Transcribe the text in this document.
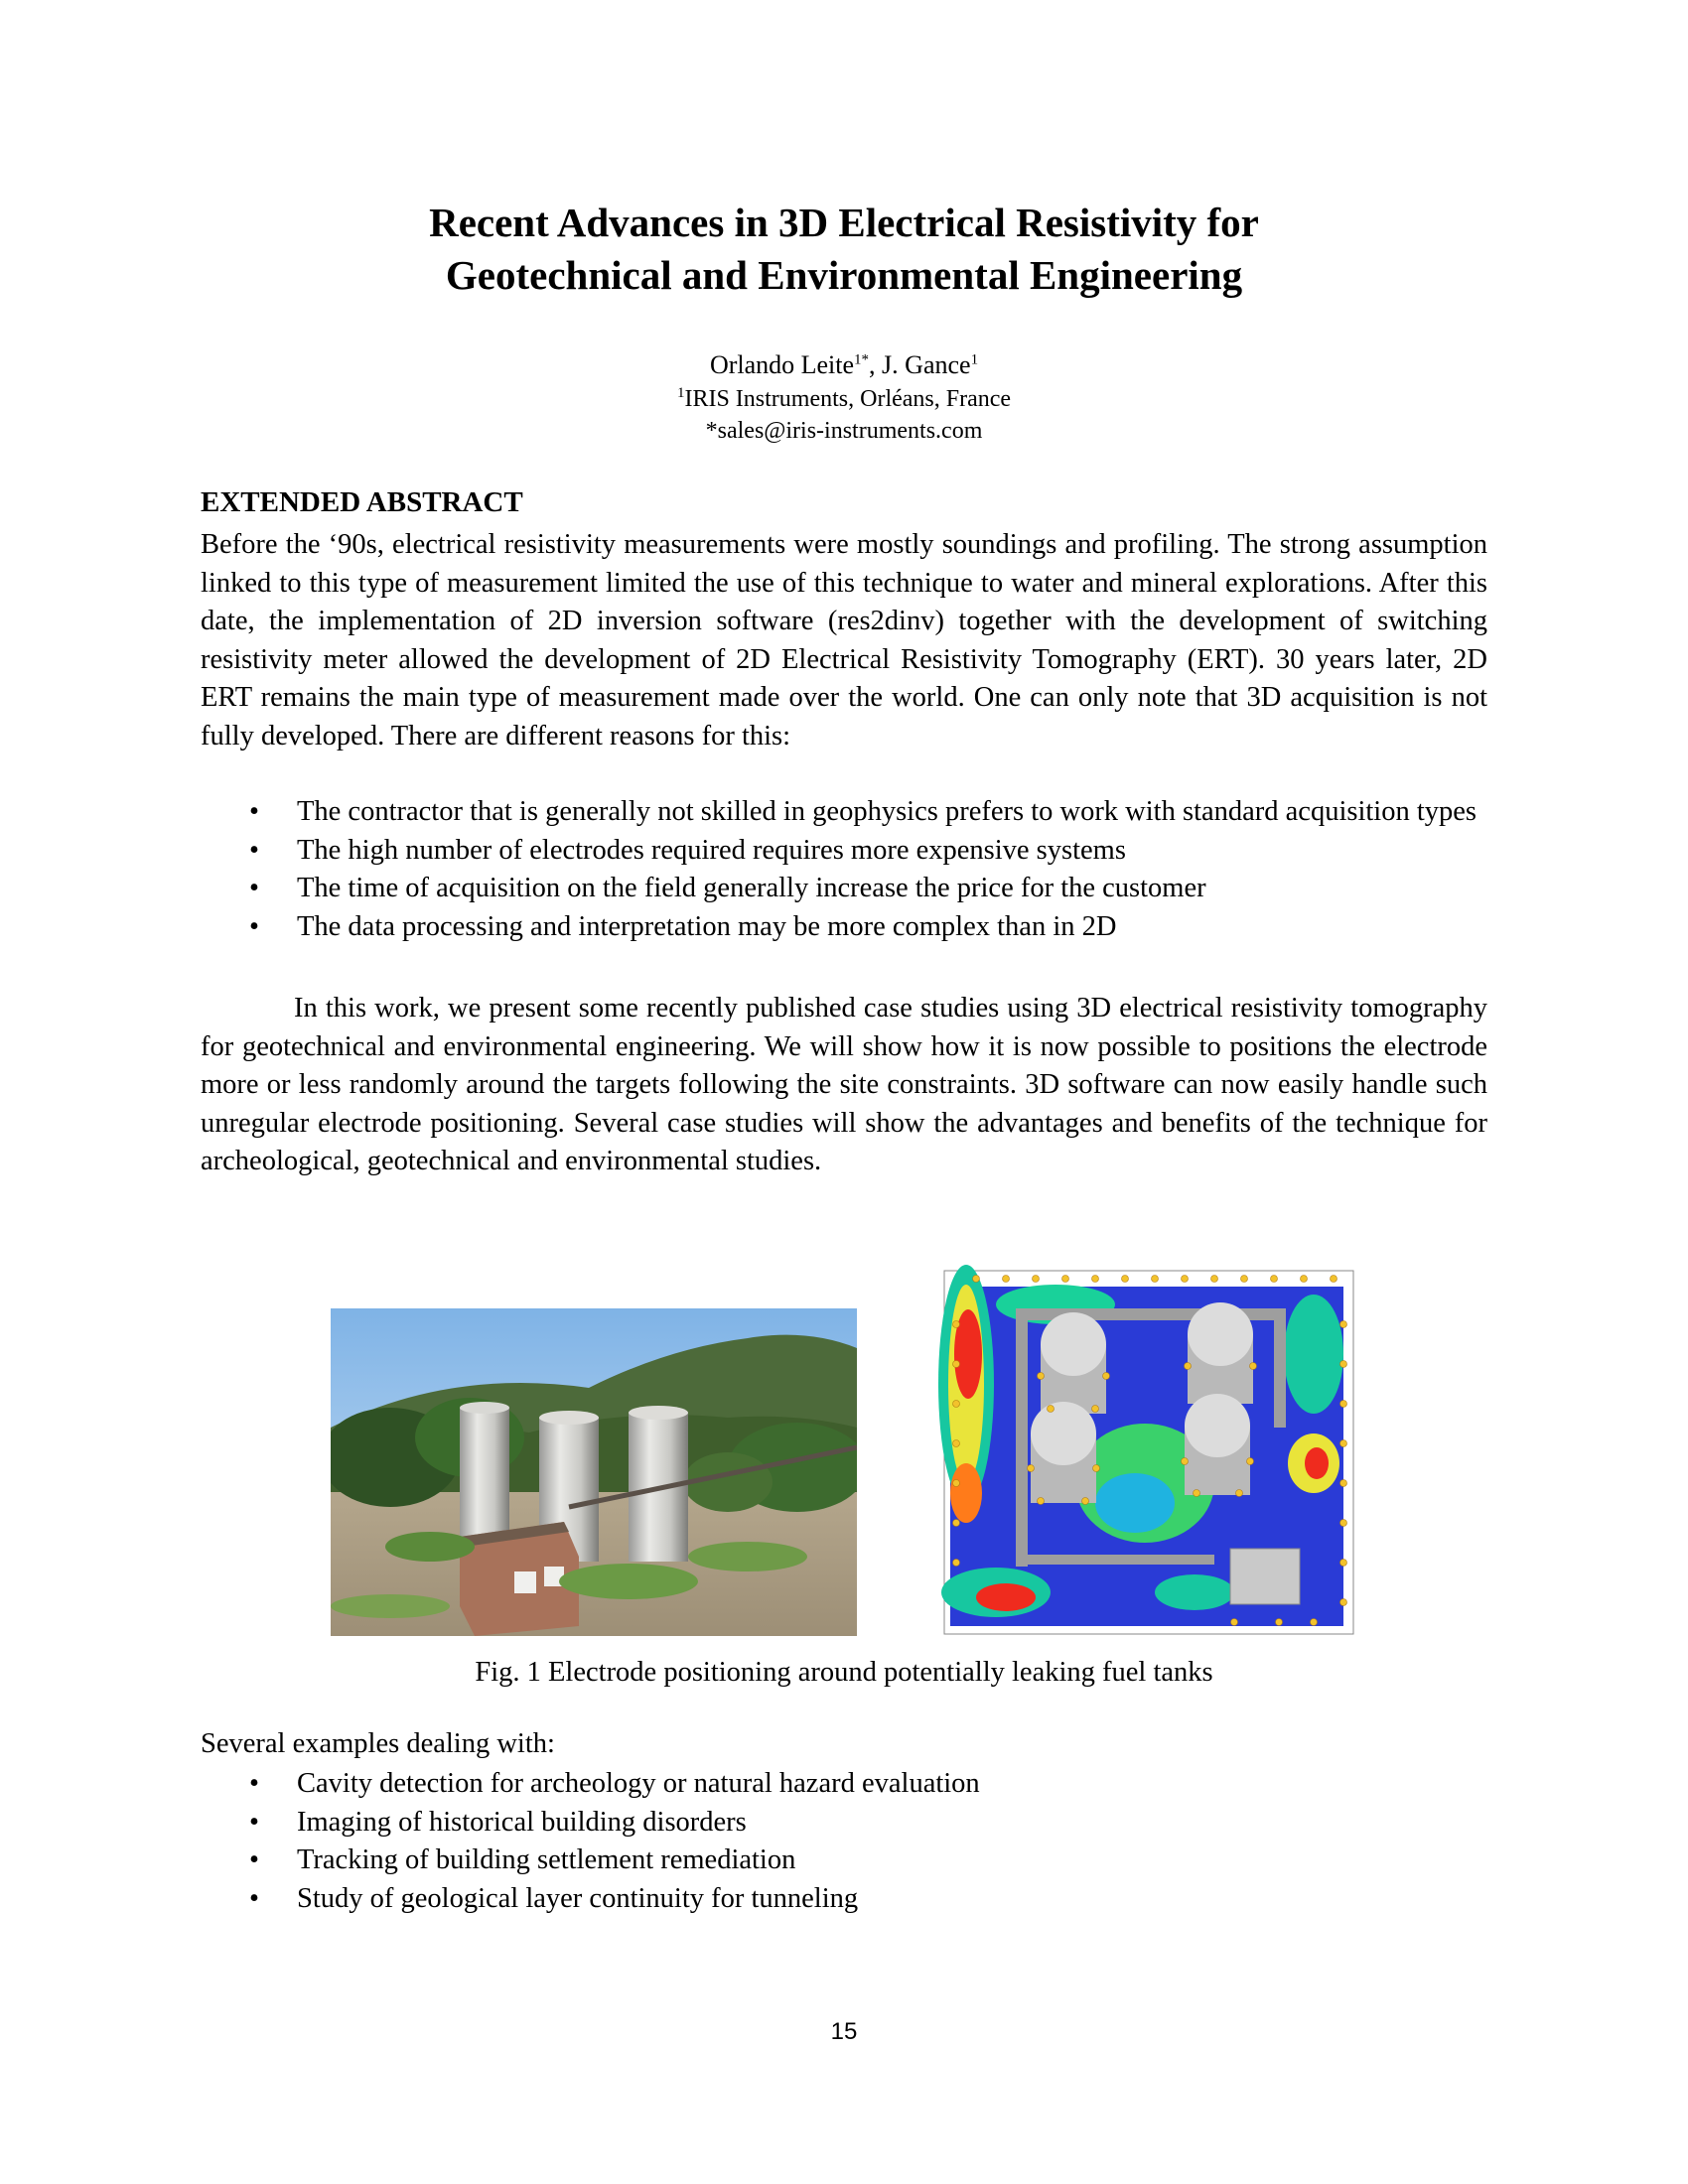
Recent Advances in 3D Electrical Resistivity for
Geotechnical and Environmental Engineering
Orlando Leite$^{1*}$, J. Gance$^1$
$^1$IRIS Instruments, Orléans, France
*sales@iris-instruments.com
EXTENDED ABSTRACT

Before the ‘90s, electrical resistivity measurements were mostly soundings and profiling. The strong assumption linked to this type of measurement limited the use of this technique to water and mineral explorations. After this date, the implementation of 2D inversion software (res2dinv) together with the development of switching resistivity meter allowed the development of 2D Electrical Resistivity Tomography (ERT). 30 years later, 2D ERT remains the main type of measurement made over the world. One can only note that 3D acquisition is not fully developed. There are different reasons for this:

• The contractor that is generally not skilled in geophysics prefers to work with standard acquisition types
• The high number of electrodes required requires more expensive systems
• The time of acquisition on the field generally increase the price for the customer
• The data processing and interpretation may be more complex than in 2D

In this work, we present some recently published case studies using 3D electrical resistivity tomography for geotechnical and environmental engineering. We will show how it is now possible to positions the electrode more or less randomly around the targets following the site constraints. 3D software can now easily handle such unregular electrode positioning. Several case studies will show the advantages and benefits of the technique for archeological, geotechnical and environmental studies.

Fig. 1 Electrode positioning around potentially leaking fuel tanks

Several examples dealing with:

• Cavity detection for archeology or natural hazard evaluation
• Imaging of historical building disorders
• Tracking of building settlement remediation
• Study of geological layer continuity for tunneling
15
